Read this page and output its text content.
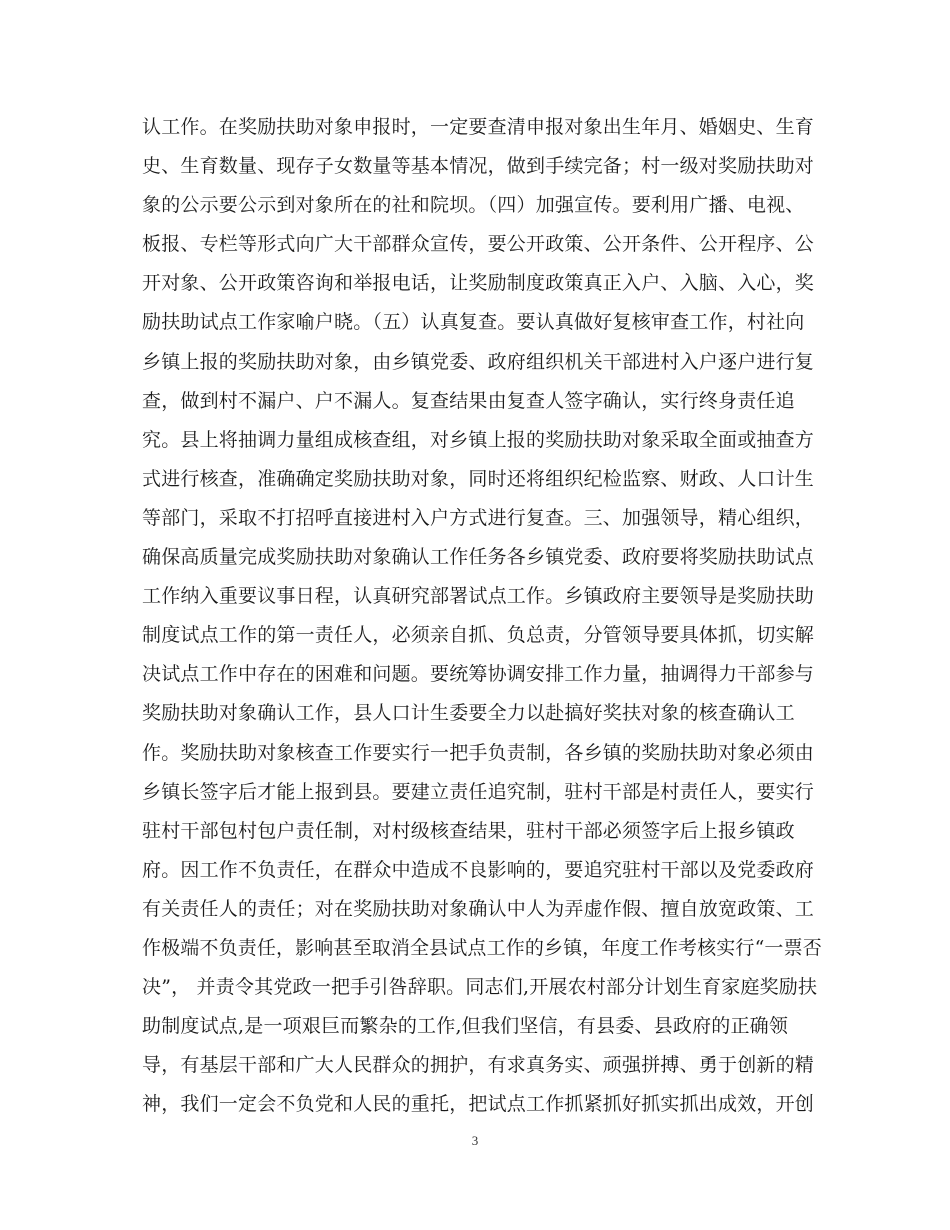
认工作。在奖励扶助对象申报时，一定要查清申报对象出生年月、婚姻史、生育
史、生育数量、现存子女数量等基本情况，做到手续完备；村一级对奖励扶助对
象的公示要公示到对象所在的社和院坝。（四）加强宣传。要利用广播、电视、
板报、专栏等形式向广大干部群众宣传，要公开政策、公开条件、公开程序、公
开对象、公开政策咨询和举报电话，让奖励制度政策真正入户、入脑、入心，奖
励扶助试点工作家喻户晓。（五）认真复查。要认真做好复核审查工作，村社向
乡镇上报的奖励扶助对象，由乡镇党委、政府组织机关干部进村入户逐户进行复
查，做到村不漏户、户不漏人。复查结果由复查人签字确认，实行终身责任追
究。县上将抽调力量组成核查组，对乡镇上报的奖励扶助对象采取全面或抽查方
式进行核查，准确确定奖励扶助对象，同时还将组织纪检监察、财政、人口计生
等部门，采取不打招呼直接进村入户方式进行复查。三、加强领导，精心组织，
确保高质量完成奖励扶助对象确认工作任务各乡镇党委、政府要将奖励扶助试点
工作纳入重要议事日程，认真研究部署试点工作。乡镇政府主要领导是奖励扶助
制度试点工作的第一责任人，必须亲自抓、负总责，分管领导要具体抓，切实解
决试点工作中存在的困难和问题。要统筹协调安排工作力量，抽调得力干部参与
奖励扶助对象确认工作，县人口计生委要全力以赴搞好奖扶对象的核查确认工
作。奖励扶助对象核查工作要实行一把手负责制，各乡镇的奖励扶助对象必须由
乡镇长签字后才能上报到县。要建立责任追究制，驻村干部是村责任人，要实行
驻村干部包村包户责任制，对村级核查结果，驻村干部必须签字后上报乡镇政
府。因工作不负责任，在群众中造成不良影响的，要追究驻村干部以及党委政府
有关责任人的责任；对在奖励扶助对象确认中人为弄虚作假、擅自放宽政策、工
作极端不负责任，影响甚至取消全县试点工作的乡镇，年度工作考核实行“一票否
决”， 并责令其党政一把手引咎辞职。同志们,开展农村部分计划生育家庭奖励扶
助制度试点,是一项艰巨而繁杂的工作,但我们坚信，有县委、县政府的正确领
导，有基层干部和广大人民群众的拥护，有求真务实、顽强拼搏、勇于创新的精
神，我们一定会不负党和人民的重托，把试点工作抓紧抓好抓实抓出成效，开创
3
